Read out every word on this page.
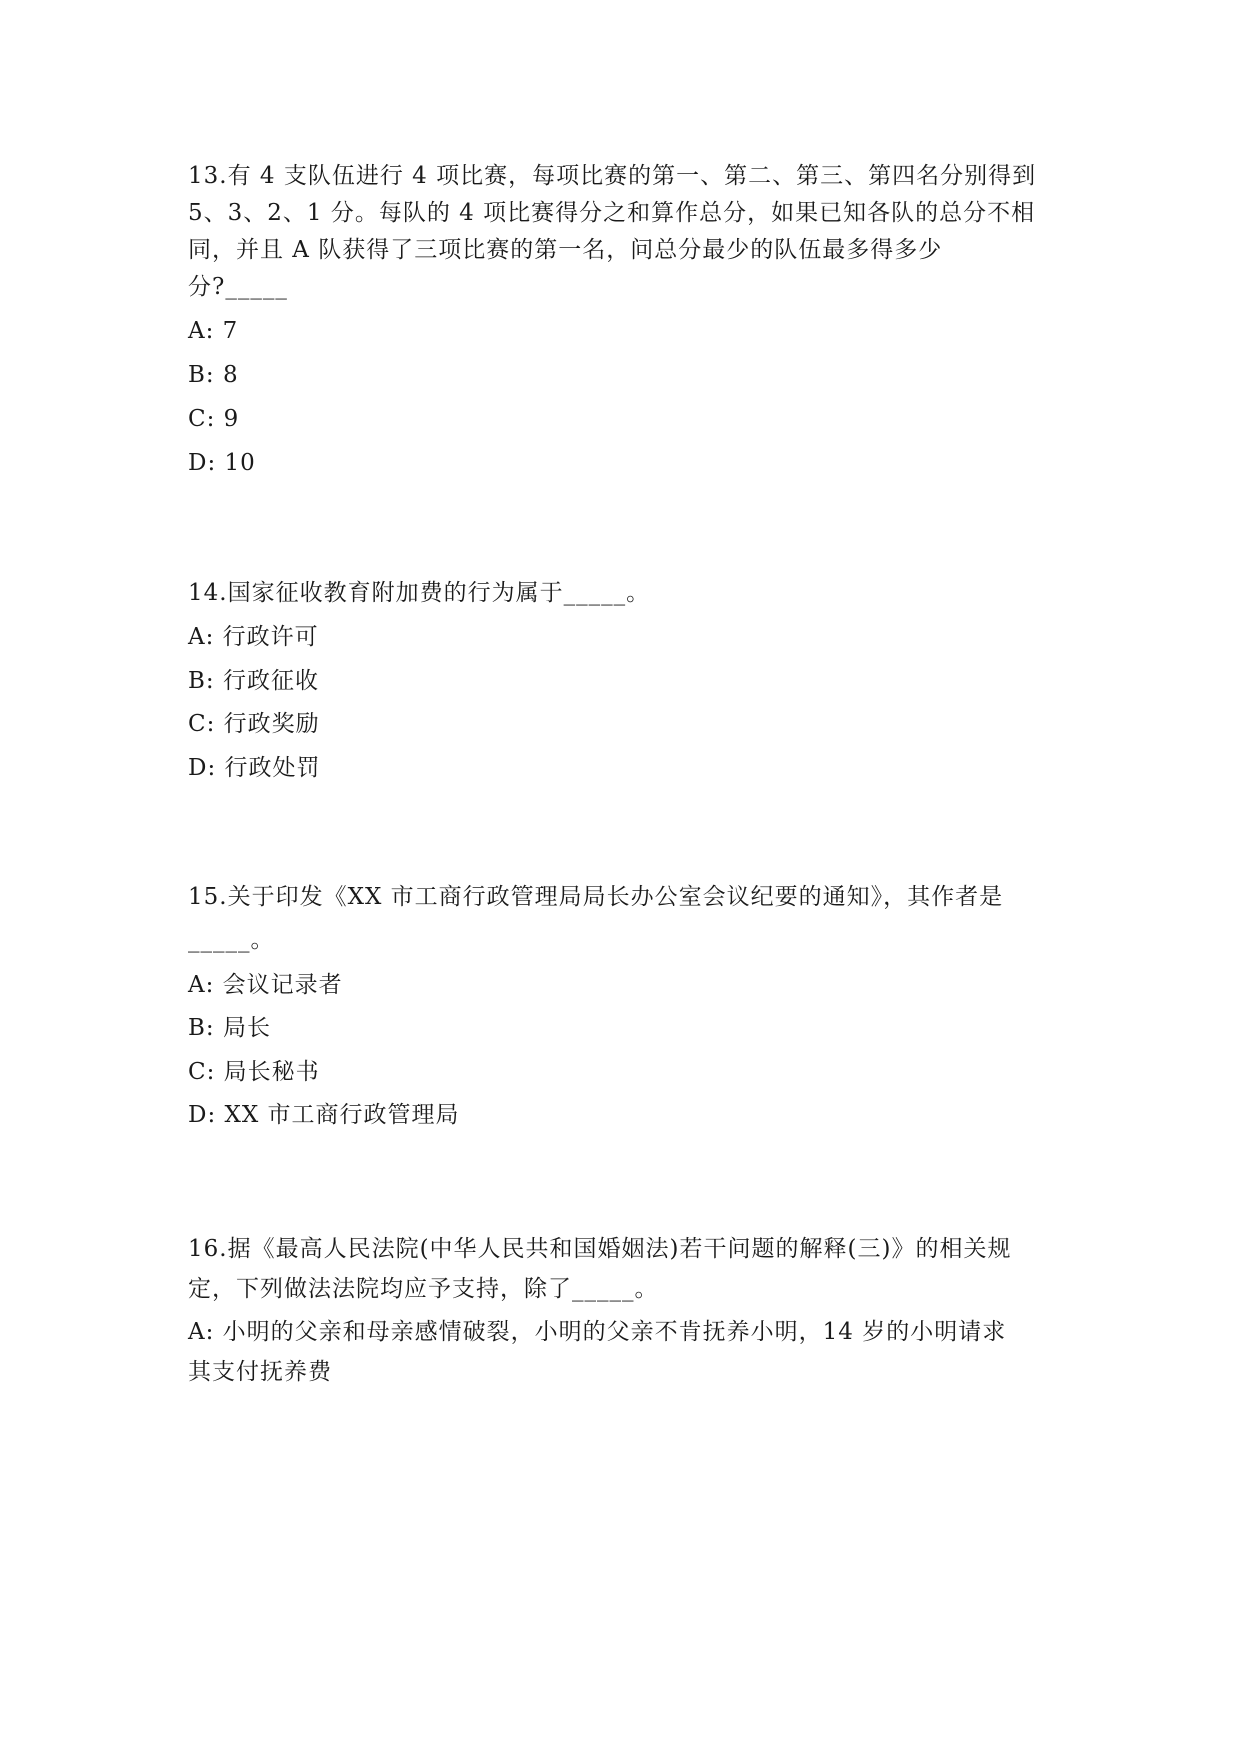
13.有 4 支队伍进行 4 项比赛，每项比赛的第一、第二、第三、第四名分别得到
5、3、2、1 分。每队的 4 项比赛得分之和算作总分，如果已知各队的总分不相
同，并且 A 队获得了三项比赛的第一名，问总分最少的队伍最多得多少
分?_____
A: 7
B: 8
C: 9
D: 10
14.国家征收教育附加费的行为属于_____。
A: 行政许可
B: 行政征收
C: 行政奖励
D: 行政处罚
15.关于印发《XX 市工商行政管理局局长办公室会议纪要的通知》，其作者是
_____。
A: 会议记录者
B: 局长
C: 局长秘书
D: XX 市工商行政管理局
16.据《最高人民法院(中华人民共和国婚姻法)若干问题的解释(三)》的相关规
定，下列做法法院均应予支持，除了_____。
A: 小明的父亲和母亲感情破裂，小明的父亲不肯抚养小明，14 岁的小明请求
其支付抚养费
